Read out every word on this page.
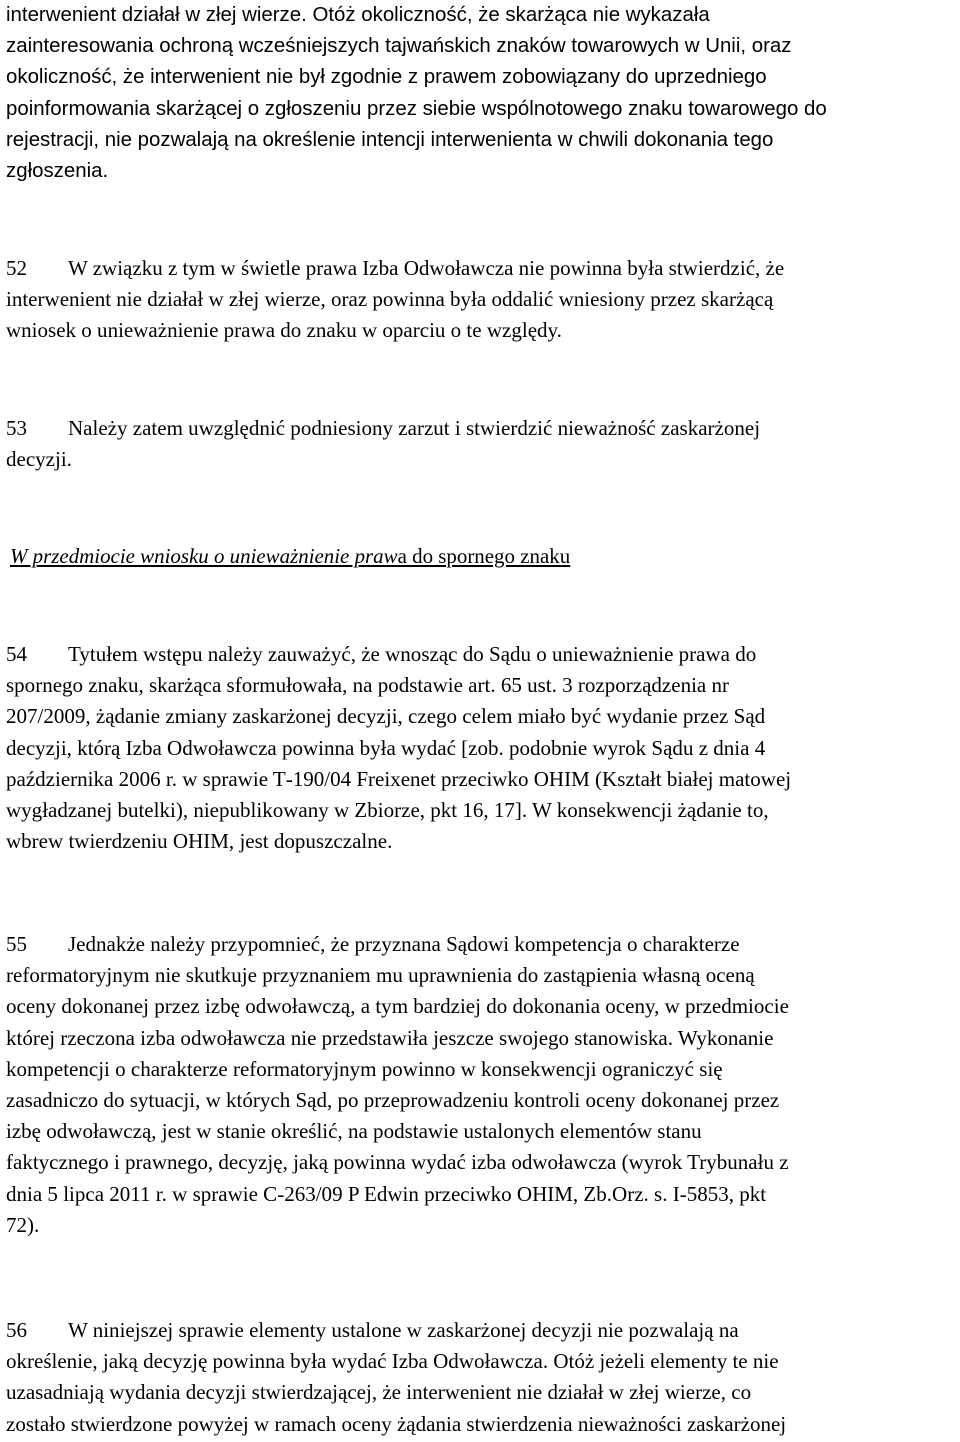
interwenient działał w złej wierze. Otóż okoliczność, że skarżąca nie wykazała
zainteresowania ochroną wcześniejszych tajwańskich znaków towarowych w Unii, oraz
okoliczność, że interwenient nie był zgodnie z prawem zobowiązany do uprzedniego
poinformowania skarżącej o zgłoszeniu przez siebie wspólnotowego znaku towarowego do
rejestracji, nie pozwalają na określenie intencji interwenienta w chwili dokonania tego
zgłoszenia.
52 W związku z tym w świetle prawa Izba Odwoławcza nie powinna była stwierdzić, że
interwenient nie działał w złej wierze, oraz powinna była oddalić wniesiony przez skarżącą
wniosek o unieważnienie prawa do znaku w oparciu o te względy.
53 Należy zatem uwzględnić podniesiony zarzut i stwierdzić nieważność zaskarżonej
decyzji.
W przedmiocie wniosku o unieważnienie prawa do spornego znaku
54 Tytułem wstępu należy zauważyć, że wnosząc do Sądu o unieważnienie prawa do
spornego znaku, skarżąca sformułowała, na podstawie art. 65 ust. 3 rozporządzenia nr
207/2009, żądanie zmiany zaskarżonej decyzji, czego celem miało być wydanie przez Sąd
decyzji, którą Izba Odwoławcza powinna była wydać [zob. podobnie wyrok Sądu z dnia 4
października 2006 r. w sprawie T‑190/04 Freixenet przeciwko OHIM (Kształt białej matowej
wygładzanej butelki), niepublikowany w Zbiorze, pkt 16, 17]. W konsekwencji żądanie to,
wbrew twierdzeniu OHIM, jest dopuszczalne.
55 Jednakże należy przypomnieć, że przyznana Sądowi kompetencja o charakterze
reformatoryjnym nie skutkuje przyznaniem mu uprawnienia do zastąpienia własną oceną
oceny dokonanej przez izbę odwoławczą, a tym bardziej do dokonania oceny, w przedmiocie
której rzeczona izba odwoławcza nie przedstawiła jeszcze swojego stanowiska. Wykonanie
kompetencji o charakterze reformatoryjnym powinno w konsekwencji ograniczyć się
zasadniczo do sytuacji, w których Sąd, po przeprowadzeniu kontroli oceny dokonanej przez
izbę odwoławczą, jest w stanie określić, na podstawie ustalonych elementów stanu
faktycznego i prawnego, decyzję, jaką powinna wydać izba odwoławcza (wyrok Trybunału z
dnia 5 lipca 2011 r. w sprawie C‑263/09 P Edwin przeciwko OHIM, Zb.Orz. s. I-5853, pkt
72).
56 W niniejszej sprawie elementy ustalone w zaskarżonej decyzji nie pozwalają na
określenie, jaką decyzję powinna była wydać Izba Odwoławcza. Otóż jeżeli elementy te nie
uzasadniają wydania decyzji stwierdzającej, że interwenient nie działał w złej wierze, co
zostało stwierdzone powyżej w ramach oceny żądania stwierdzenia nieważności zaskarżonej
